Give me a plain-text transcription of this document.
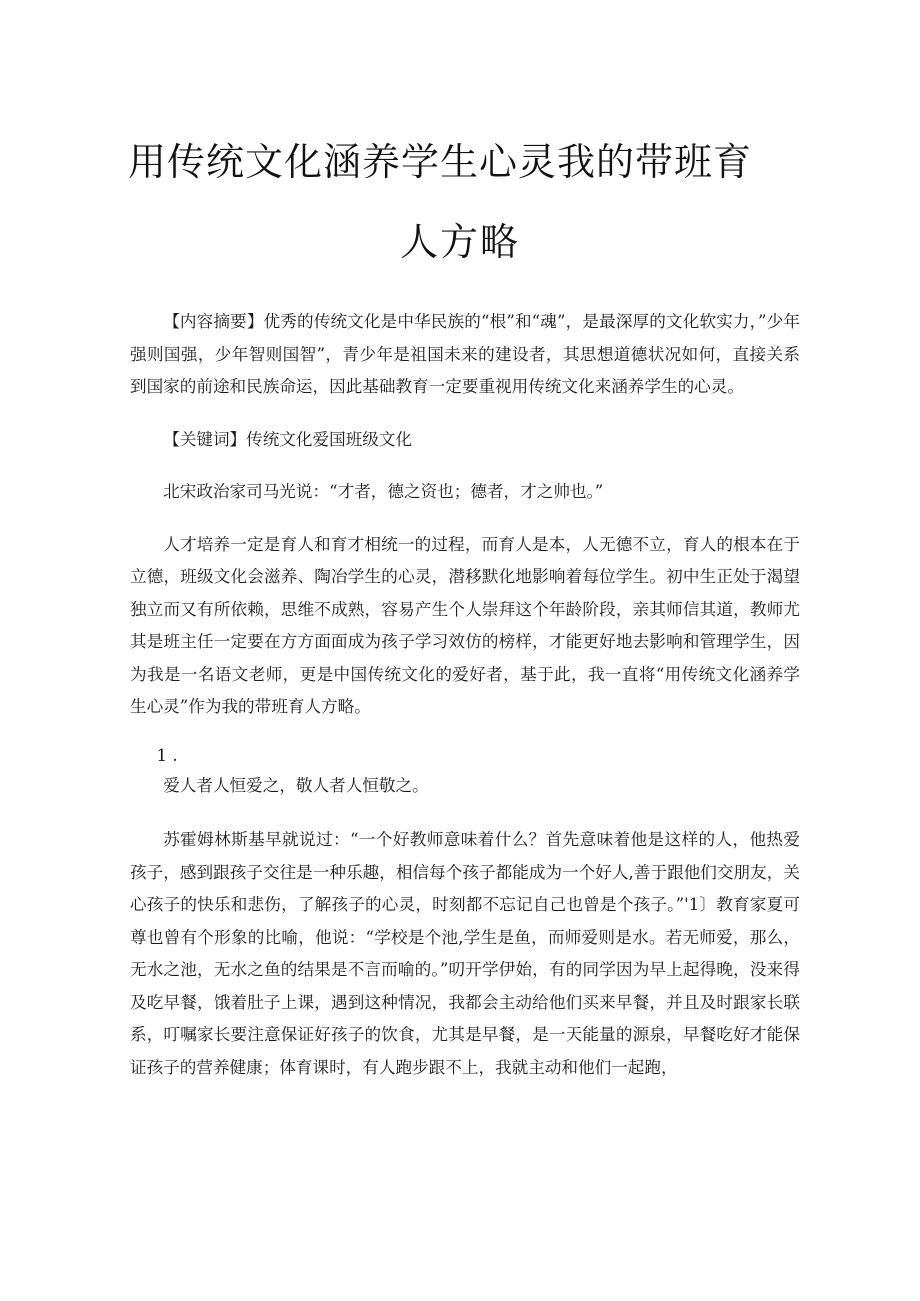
用传统文化涵养学生心灵我的带班育
人方略

【内容摘要】优秀的传统文化是中华民族的“根”和“魂”，是最深厚的文化软实力，”少年强则国强，少年智则国智”，青少年是祖国未来的建设者，其思想道德状况如何，直接关系到国家的前途和民族命运，因此基础教育一定要重视用传统文化来涵养学生的心灵。

【关键词】传统文化爱国班级文化

北宋政治家司马光说：“才者，德之资也；德者，才之帅也。”

人才培养一定是育人和育才相统一的过程，而育人是本，人无德不立，育人的根本在于立德，班级文化会滋养、陶冶学生的心灵，潜移默化地影响着每位学生。初中生正处于渴望独立而又有所依赖，思维不成熟，容易产生个人崇拜这个年龄阶段，亲其师信其道，教师尤其是班主任一定要在方方面面成为孩子学习效仿的榜样，才能更好地去影响和管理学生，因为我是一名语文老师，更是中国传统文化的爱好者，基于此，我一直将“用传统文化涵养学生心灵”作为我的带班育人方略。

1 .

爱人者人恒爱之，敬人者人恒敬之。

苏霍姆林斯基早就说过：“一个好教师意味着什么？首先意味着他是这样的人，他热爱孩子，感到跟孩子交往是一种乐趣，相信每个孩子都能成为一个好人,善于跟他们交朋友，关心孩子的快乐和悲伤，了解孩子的心灵，时刻都不忘记自己也曾是个孩子。”'1〕教育家夏可尊也曾有个形象的比喻，他说：“学校是个池,学生是鱼，而师爱则是水。若无师爱，那么，无水之池，无水之鱼的结果是不言而喻的。”叨开学伊始，有的同学因为早上起得晚，没来得及吃早餐，饿着肚子上课，遇到这种情况，我都会主动给他们买来早餐，并且及时跟家长联系，叮嘱家长要注意保证好孩子的饮食，尤其是早餐，是一天能量的源泉，早餐吃好才能保证孩子的营养健康；体育课时，有人跑步跟不上，我就主动和他们一起跑，
